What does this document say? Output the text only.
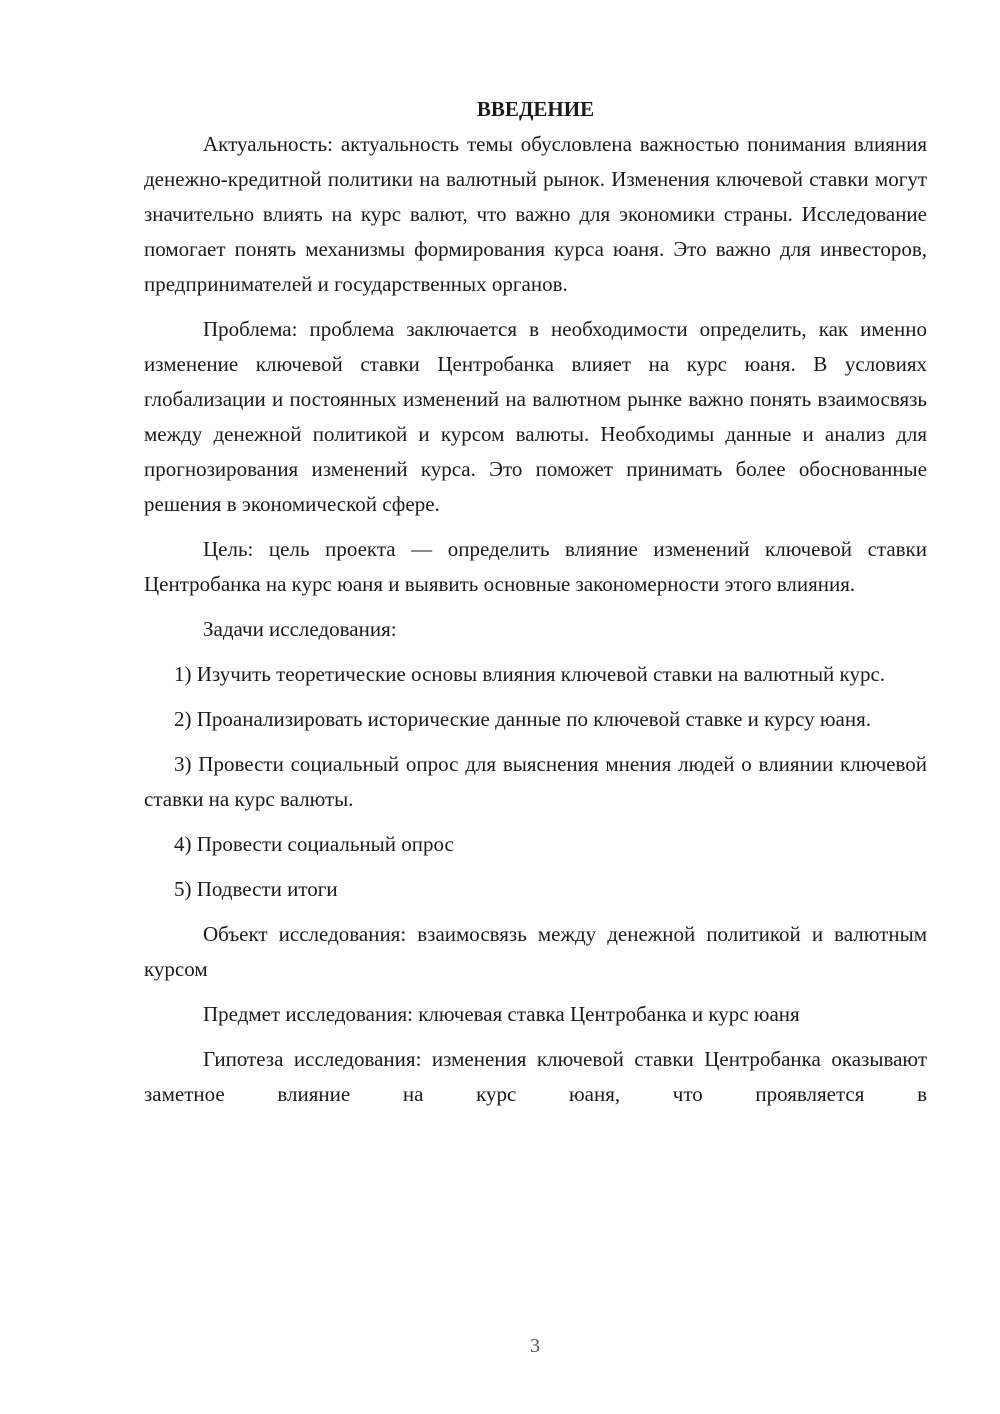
ВВЕДЕНИЕ

Актуальность: актуальность темы обусловлена важностью понимания влияния денежно-кредитной политики на валютный рынок. Изменения ключевой ставки могут значительно влиять на курс валют, что важно для экономики страны. Исследование помогает понять механизмы формирования курса юаня. Это важно для инвесторов, предпринимателей и государственных органов.

Проблема: проблема заключается в необходимости определить, как именно изменение ключевой ставки Центробанка влияет на курс юаня. В условиях глобализации и постоянных изменений на валютном рынке важно понять взаимосвязь между денежной политикой и курсом валюты. Необходимы данные и анализ для прогнозирования изменений курса. Это поможет принимать более обоснованные решения в экономической сфере.

Цель: цель проекта — определить влияние изменений ключевой ставки Центробанка на курс юаня и выявить основные закономерности этого влияния.

Задачи исследования:

1) Изучить теоретические основы влияния ключевой ставки на валютный курс.

2) Проанализировать исторические данные по ключевой ставке и курсу юаня.

3) Провести социальный опрос для выяснения мнения людей о влиянии ключевой ставки на курс валюты.

4) Провести социальный опрос

5) Подвести итоги

Объект исследования: взаимосвязь между денежной политикой и валютным курсом

Предмет исследования: ключевая ставка Центробанка и курс юаня

Гипотеза исследования: изменения ключевой ставки Центробанка оказывают заметное влияние на курс юаня, что проявляется в

3
